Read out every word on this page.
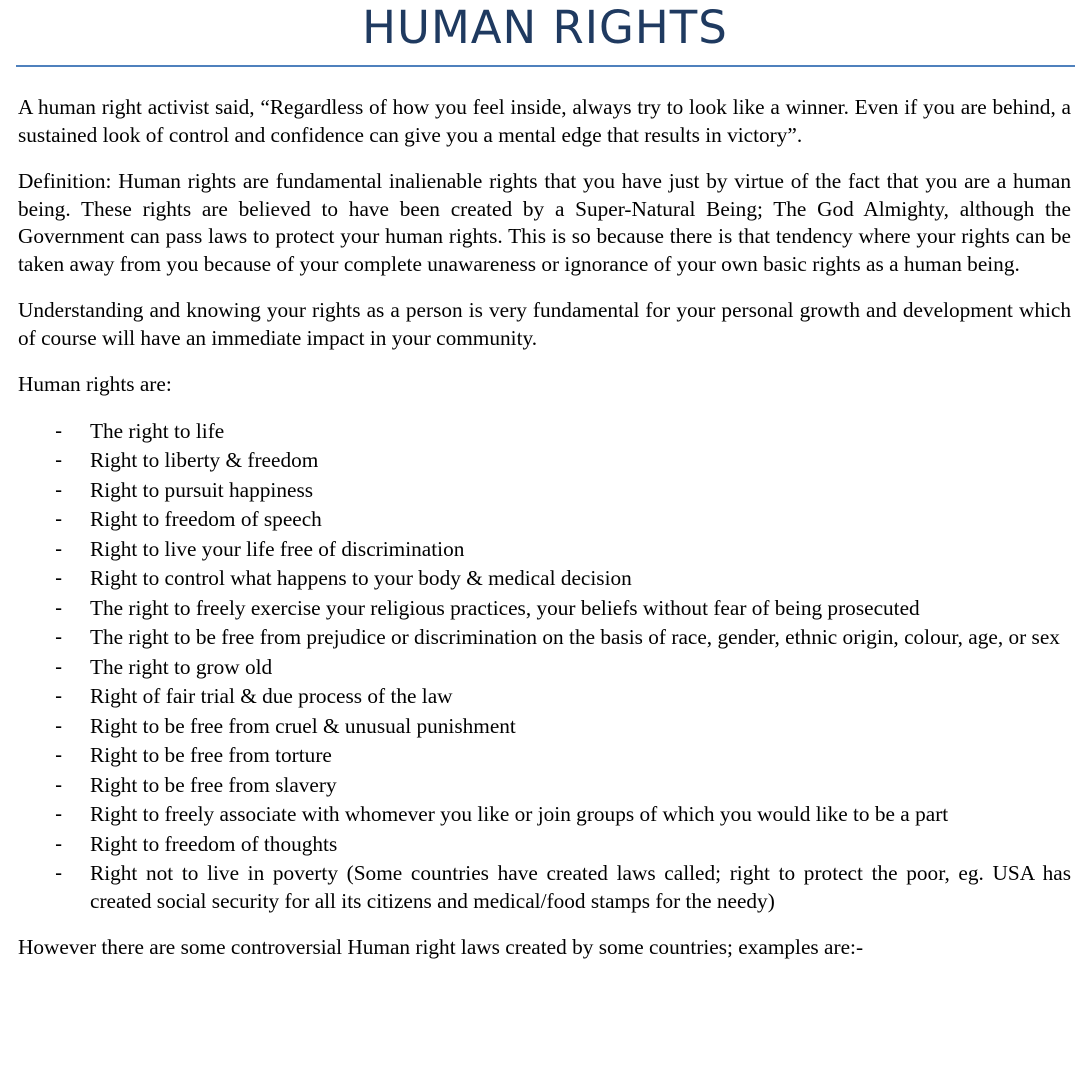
HUMAN RIGHTS

A human right activist said, “Regardless of how you feel inside, always try to look like a winner. Even if you are behind, a sustained look of control and confidence can give you a mental edge that results in victory”.

Definition: Human rights are fundamental inalienable rights that you have just by virtue of the fact that you are a human being. These rights are believed to have been created by a Super-Natural Being; The God Almighty, although the Government can pass laws to protect your human rights. This is so because there is that tendency where your rights can be taken away from you because of your complete unawareness or ignorance of your own basic rights as a human being.

Understanding and knowing your rights as a person is very fundamental for your personal growth and development which of course will have an immediate impact in your community.

Human rights are:

- The right to life
- Right to liberty & freedom
- Right to pursuit happiness
- Right to freedom of speech
- Right to live your life free of discrimination
- Right to control what happens to your body & medical decision
- The right to freely exercise your religious practices, your beliefs without fear of being prosecuted
- The right to be free from prejudice or discrimination on the basis of race, gender, ethnic origin, colour, age, or sex
- The right to grow old
- Right of fair trial & due process of the law
- Right to be free from cruel & unusual punishment
- Right to be free from torture
- Right to be free from slavery
- Right to freely associate with whomever you like or join groups of which you would like to be a part
- Right to freedom of thoughts
- Right not to live in poverty (Some countries have created laws called; right to protect the poor, eg. USA has created social security for all its citizens and medical/food stamps for the needy)

However there are some controversial Human right laws created by some countries; examples are:-
